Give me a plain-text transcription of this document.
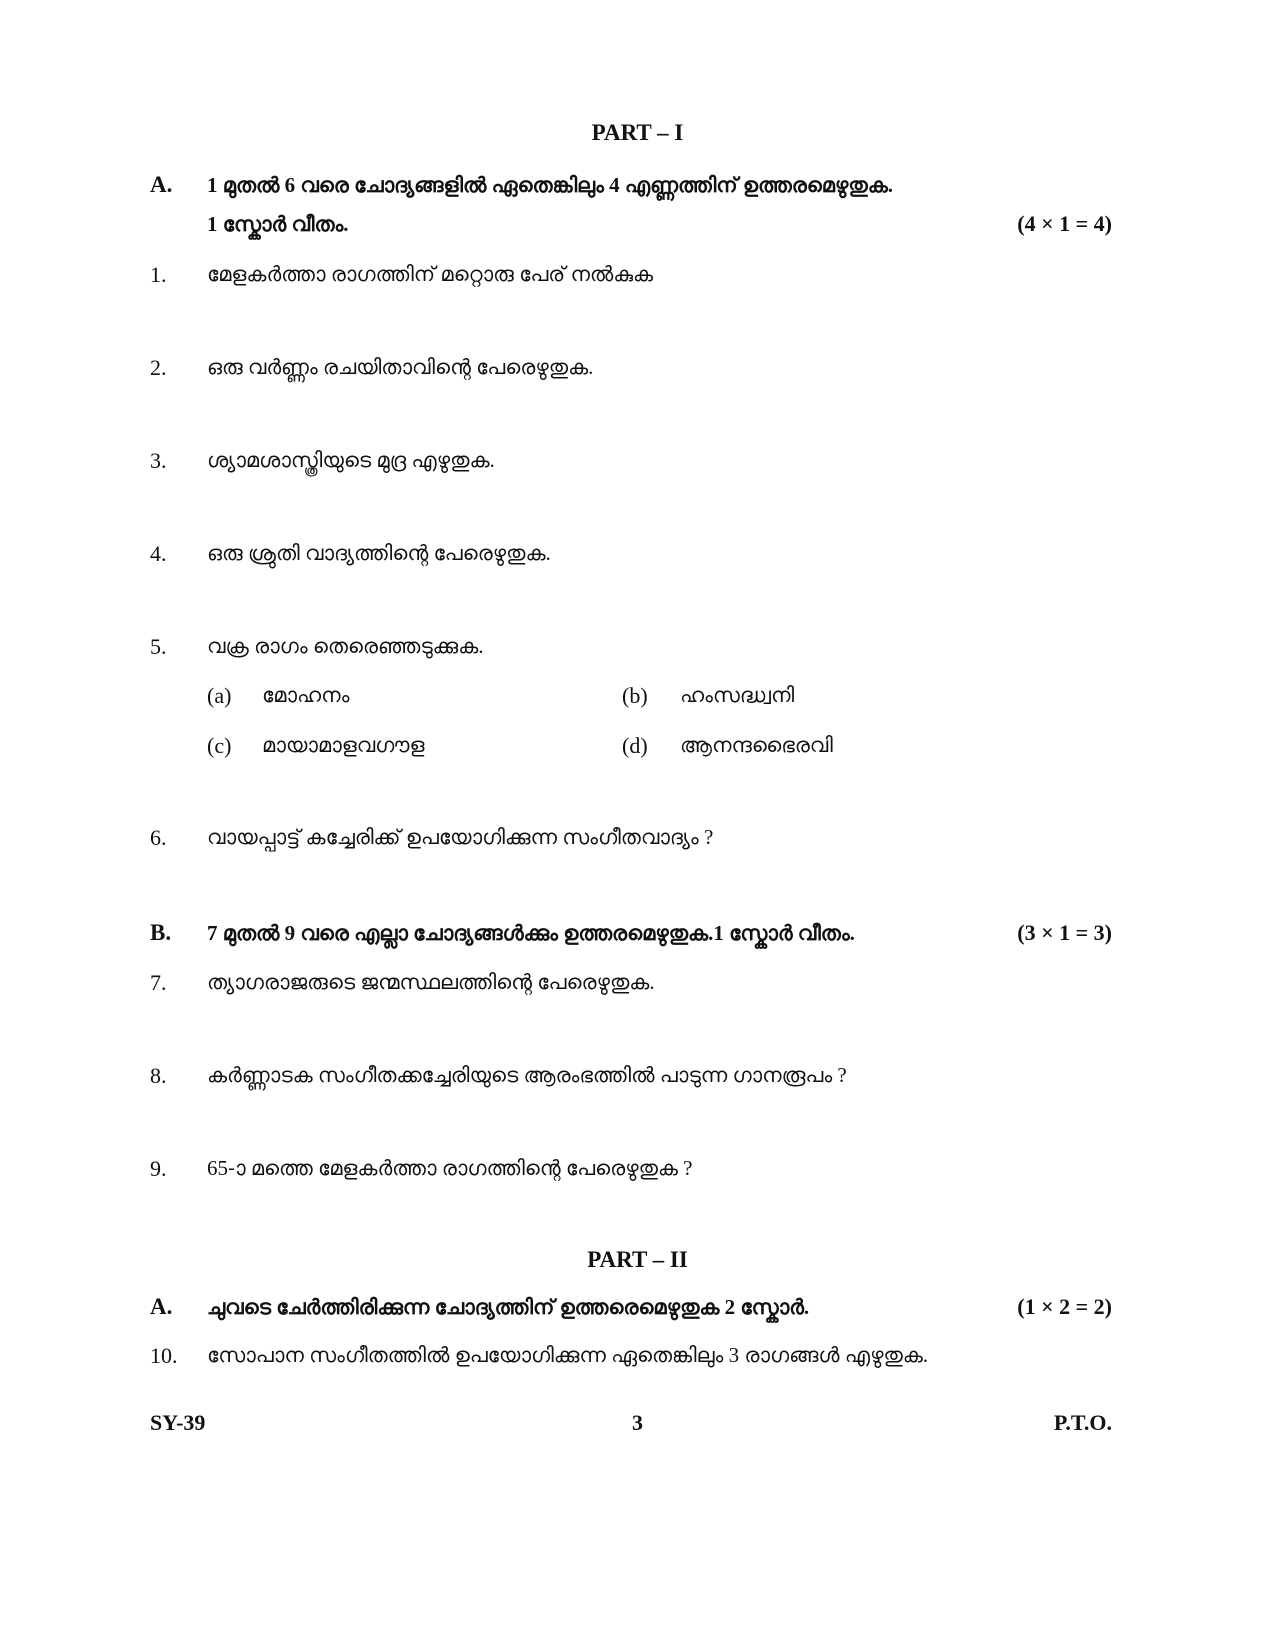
PART – I
A. 1 മുതൽ 6 വരെ ചോദ്യങ്ങളിൽ ഏതെങ്കിലും 4 എണ്ണത്തിന് ഉത്തരമെഴുതുക.
1 സ്കോർ വീതം.	(4 × 1 = 4)
1. മേളകർത്താ രാഗത്തിന് മറ്റൊരു പേര് നൽകുക
2. ഒരു വർണ്ണം രചയിതാവിന്റെ പേരെഴുതുക.
3. ശ്യാമശാസ്ത്രിയുടെ മുദ്ര എഴുതുക.
4. ഒരു ശ്രുതി വാദ്യത്തിന്റെ പേരെഴുതുക.
5. വക്ര രാഗം തെരെഞ്ഞടുക്കുക.
(a) മോഹനം	(b) ഹംസദ്ധ്വനി
(c) മായാമാളവഗൗള	(d) ആനന്ദഭൈരവി
6. വായപ്പാട്ട് കച്ചേരിക്ക് ഉപയോഗിക്കുന്ന സംഗീതവാദ്യം ?
B. 7 മുതൽ 9 വരെ എല്ലാ ചോദ്യങ്ങൾക്കും ഉത്തരമെഴുതുക.1 സ്കോർ വീതം.	(3 × 1 = 3)
7. ത്യാഗരാജരുടെ ജന്മസ്ഥലത്തിന്റെ പേരെഴുതുക.
8. കർണ്ണാടക സംഗീതക്കച്ചേരിയുടെ ആരംഭത്തിൽ പാടുന്ന ഗാനരൂപം ?
9. 65-ാ മത്തെ മേളകർത്താ രാഗത്തിന്റെ പേരെഴുതുക ?
PART – II
A. ചുവടെ ചേർത്തിരിക്കുന്ന ചോദ്യത്തിന് ഉത്തരെമെഴുതുക 2 സ്കോർ.	(1 × 2 = 2)
10. സോപാന സംഗീതത്തിൽ ഉപയോഗിക്കുന്ന ഏതെങ്കിലും 3 രാഗങ്ങൾ എഴുതുക.
SY-39	3	P.T.O.
